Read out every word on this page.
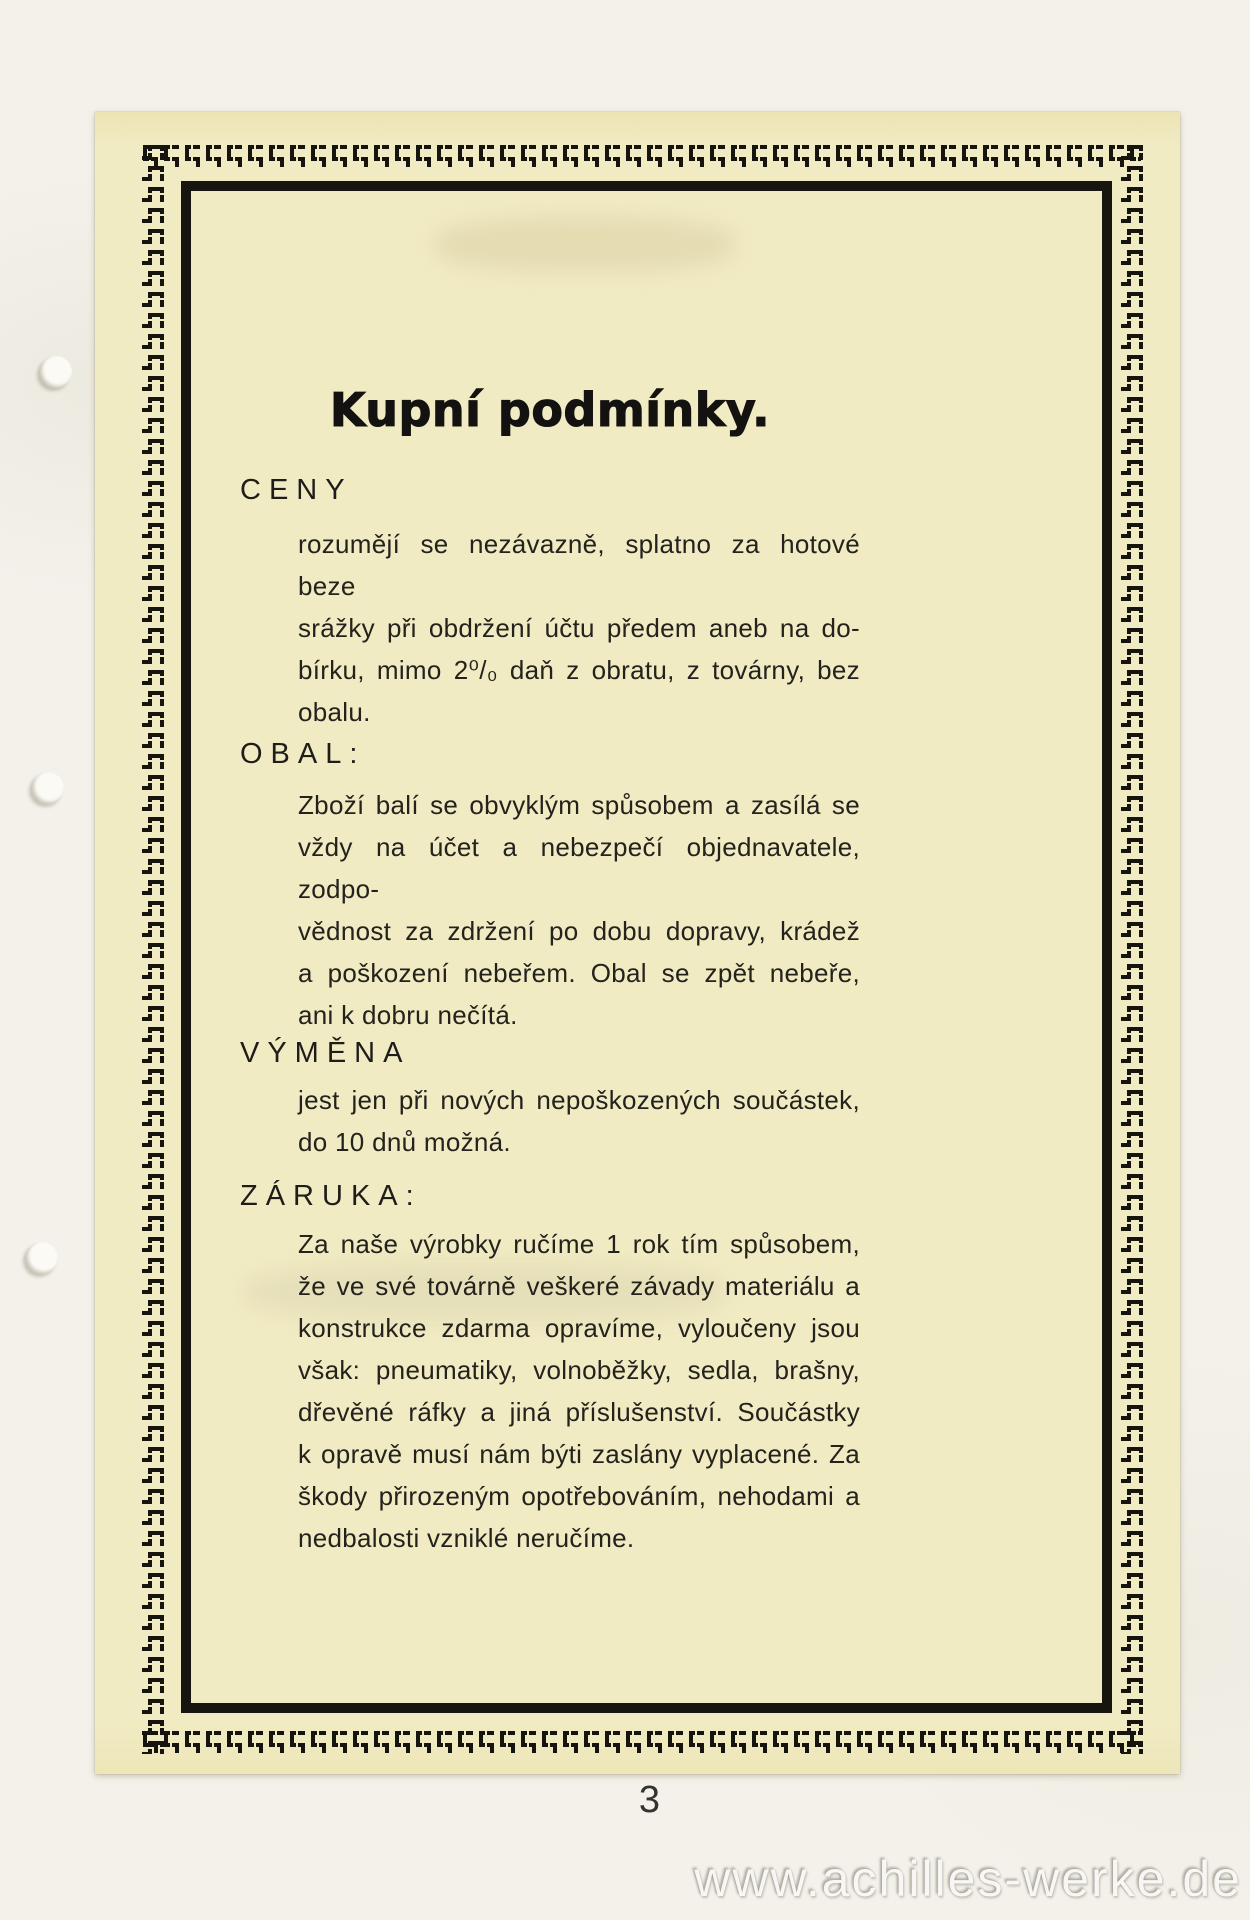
Kupní podmínky.
CENY
rozumějí se nezávazně, splatno za hotové beze
srážky při obdržení účtu předem aneb na do-
bírku, mimo 2⁰/₀ daň z obratu, z továrny, bez
obalu.
OBAL:
Zboží balí se obvyklým spůsobem a zasílá se
vždy na účet a nebezpečí objednavatele, zodpo-
vědnost za zdržení po dobu dopravy, krádež
a poškození nebeřem. Obal se zpět nebeře,
ani k dobru nečítá.
VÝMĚNA
jest jen při nových nepoškozených součástek,
do 10 dnů možná.
ZÁRUKA:
Za naše výrobky ručíme 1 rok tím spůsobem,
že ve své továrně veškeré závady materiálu a
konstrukce zdarma opravíme, vyloučeny jsou
však: pneumatiky, volnoběžky, sedla, brašny,
dřevěné ráfky a jiná příslušenství. Součástky
k opravě musí nám býti zaslány vyplacené. Za
škody přirozeným opotřebováním, nehodami a
nedbalosti vzniklé neručíme.
3
www.achilles-werke.de
